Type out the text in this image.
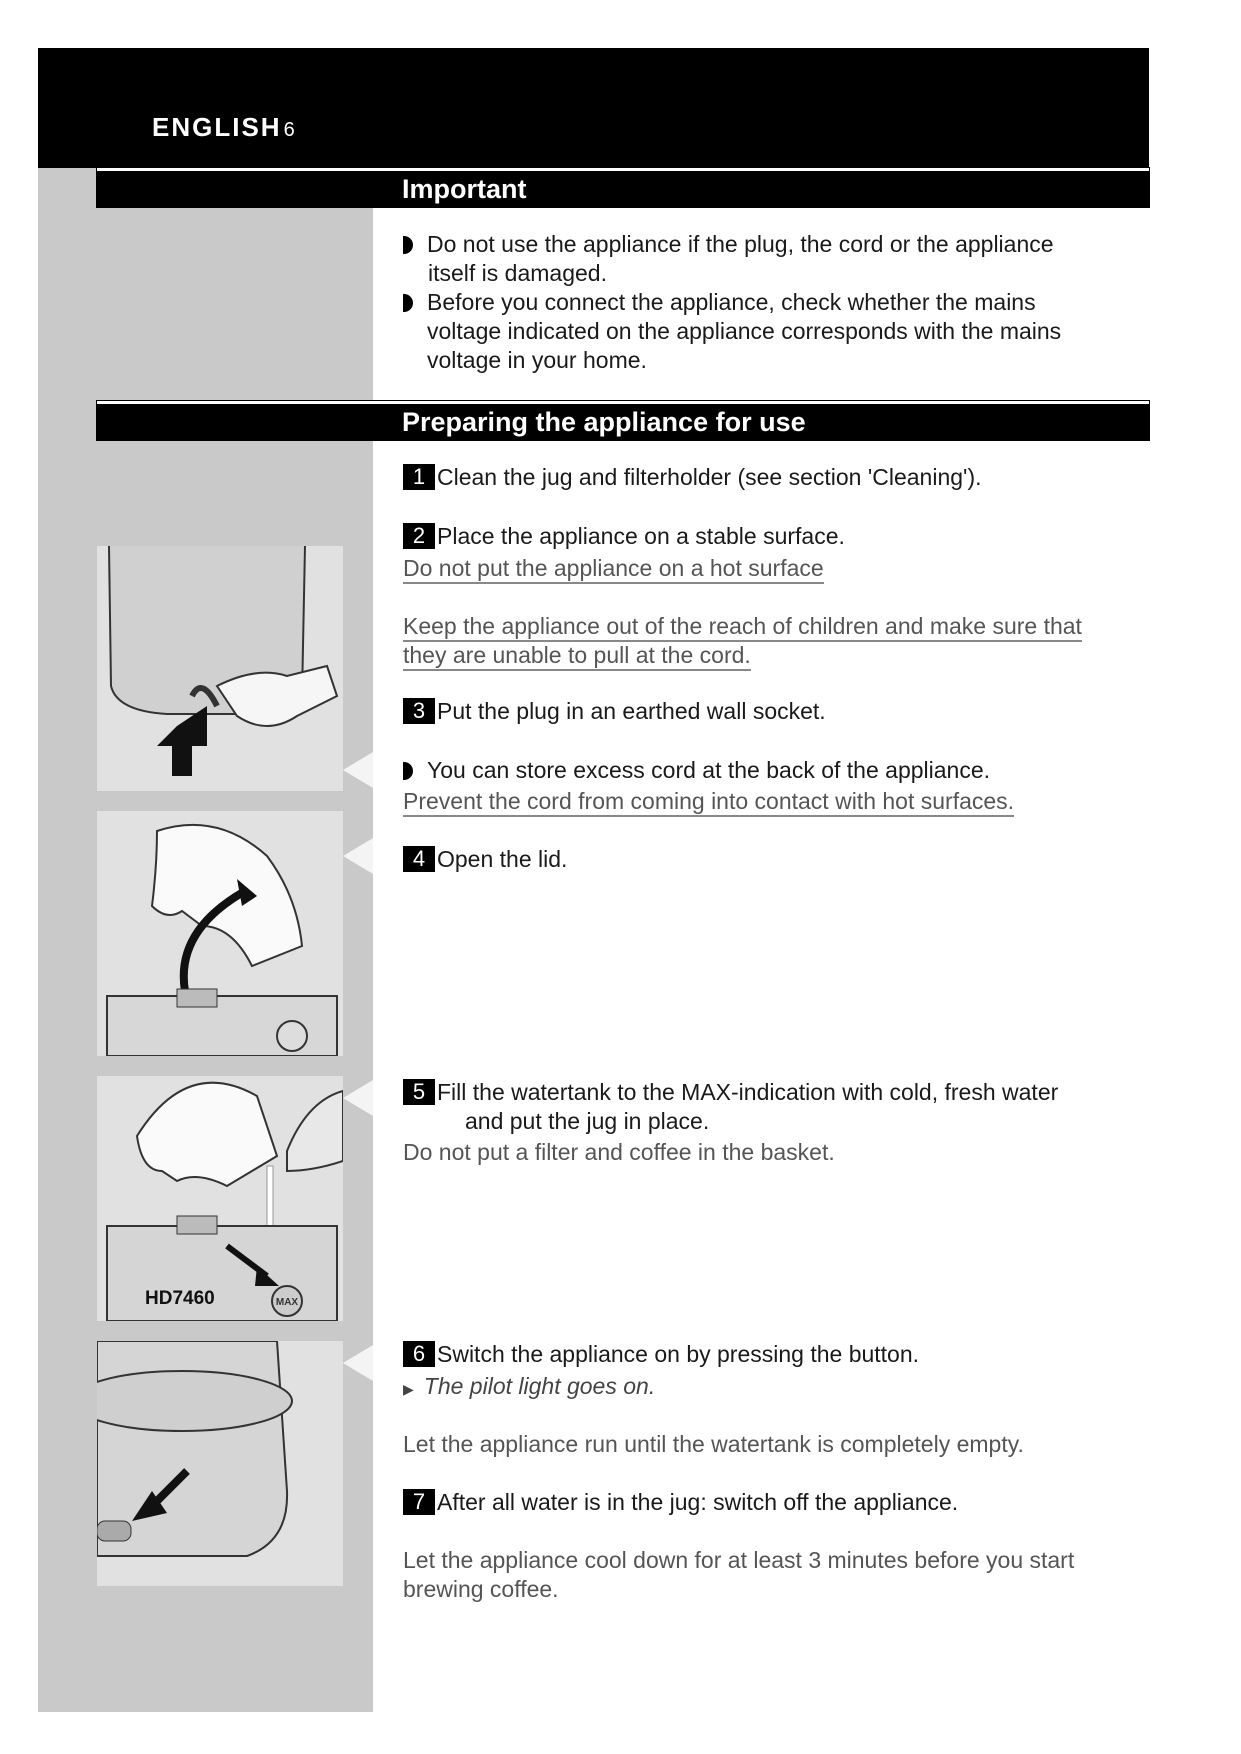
ENGLISH 6
Important
Do not use the appliance if the plug, the cord or the appliance
itself is damaged.
Before you connect the appliance, check whether the mains
voltage indicated on the appliance corresponds with the mains
voltage in your home.
Preparing the appliance for use
1 Clean the jug and filterholder (see section 'Cleaning').
2 Place the appliance on a stable surface.
Do not put the appliance on a hot surface
Keep the appliance out of the reach of children and make sure that
they are unable to pull at the cord.
3 Put the plug in an earthed wall socket.
You can store excess cord at the back of the appliance.
Prevent the cord from coming into contact with hot surfaces.
4 Open the lid.
5 Fill the watertank to the MAX-indication with cold, fresh water
and put the jug in place.
Do not put a filter and coffee in the basket.
6 Switch the appliance on by pressing the button.
▶ The pilot light goes on.
Let the appliance run until the watertank is completely empty.
7 After all water is in the jug: switch off the appliance.
Let the appliance cool down for at least 3 minutes before you start
brewing coffee.
MAX
HD7460
